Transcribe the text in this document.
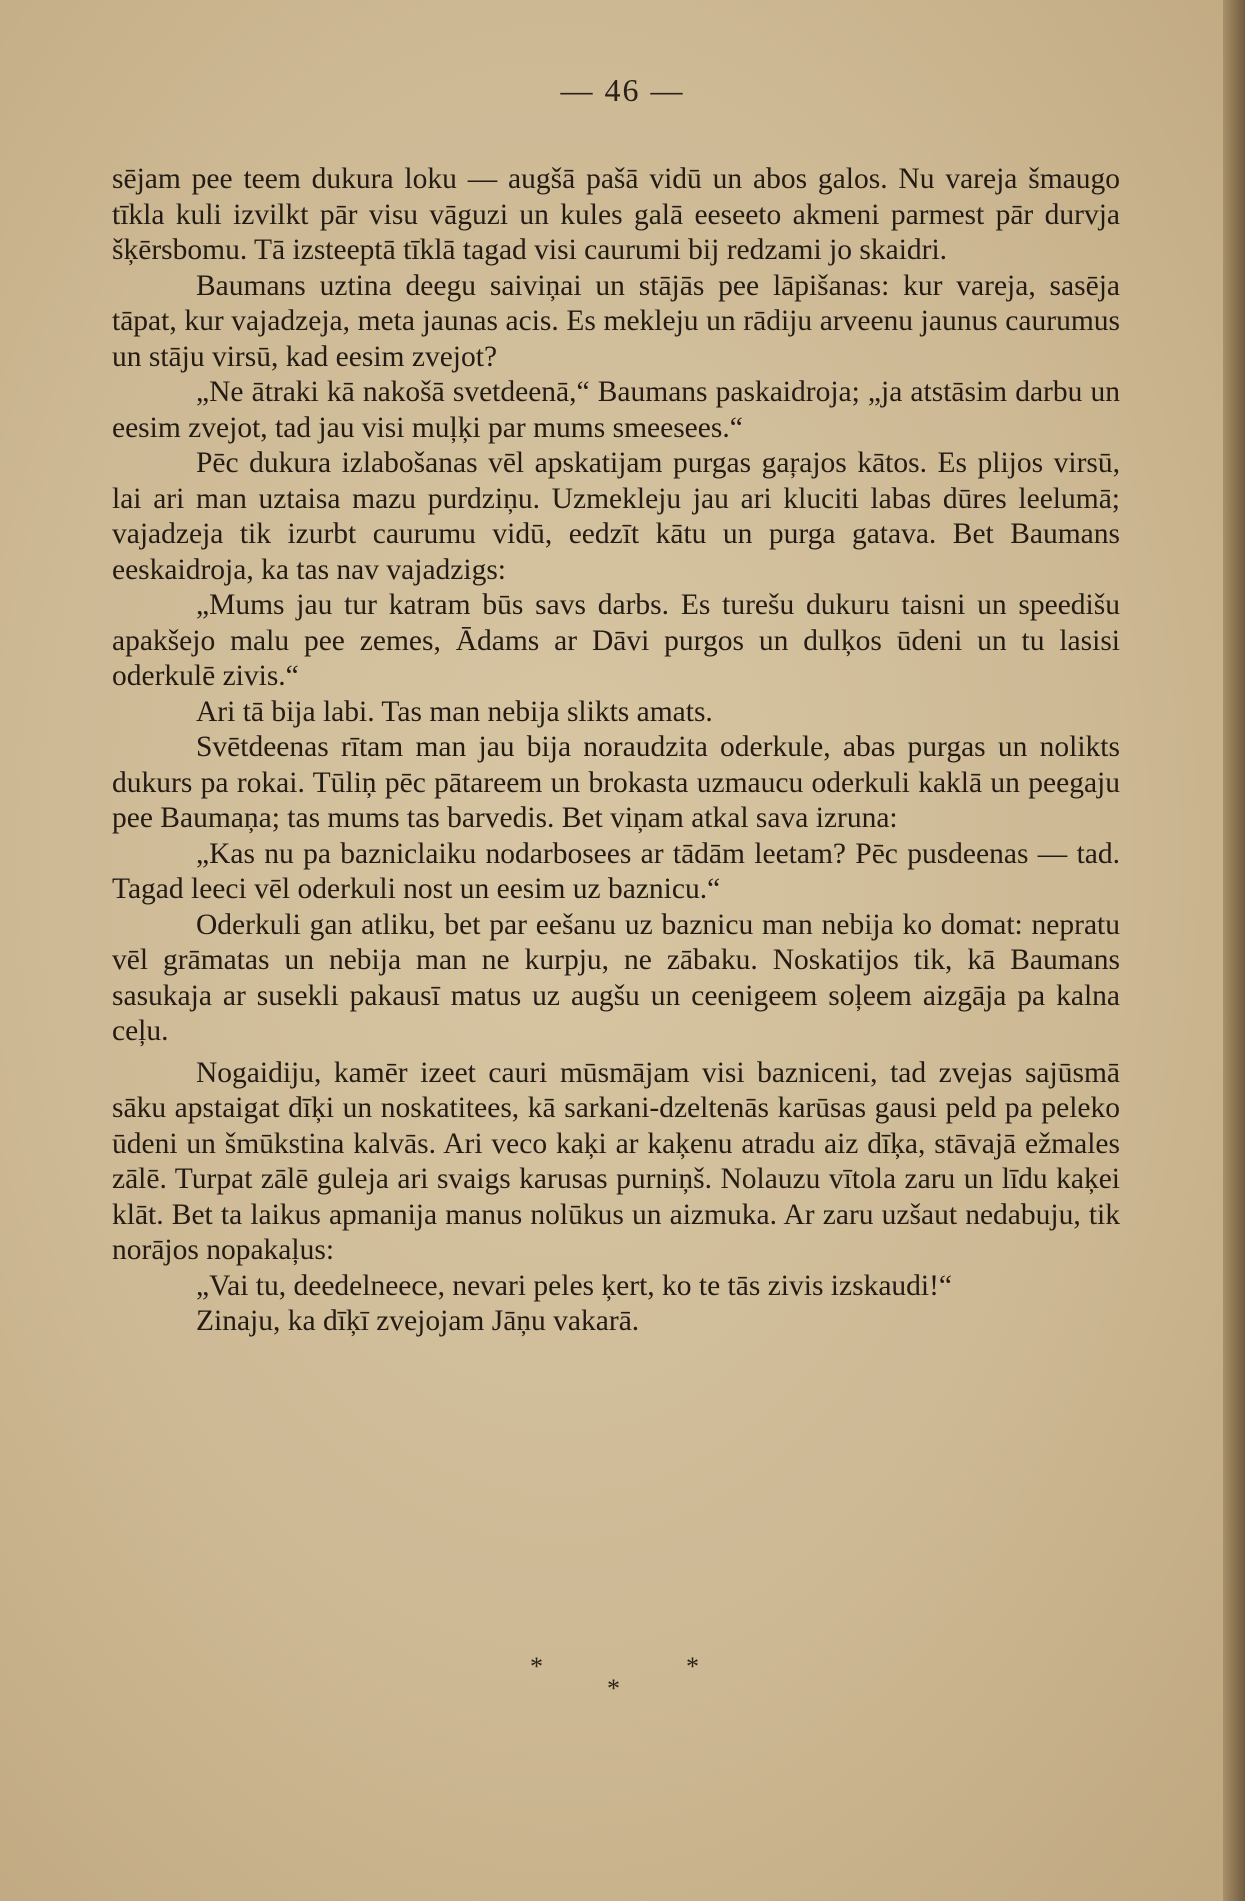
— 46 —

sējam pee teem dukura loku — augšā pašā vidū un abos galos. Nu vareja šmaugo tīkla kuli izvilkt pār visu vāguzi un kules galā eeseeto akmeni parmest pār durvja šķērsbomu. Tā izsteeptā tīklā tagad visi caurumi bij redzami jo skaidri.

Baumans uztina deegu saiviņai un stājās pee lāpišanas: kur vareja, sasēja tāpat, kur vajadzeja, meta jaunas acis. Es mekleju un rādiju arveenu jaunus caurumus un stāju virsū, kad eesim zvejot?

„Ne ātraki kā nakošā svetdeenā,“ Baumans paskaidroja; „ja atstāsim darbu un eesim zvejot, tad jau visi muļķi par mums smeesees.“

Pēc dukura izlabošanas vēl apskatijam purgas gaŗajos kātos. Es plijos virsū, lai ari man uztaisa mazu purdziņu. Uzmekleju jau ari kluciti labas dūres leelumā; vajadzeja tik izurbt caurumu vidū, eedzīt kātu un purga gatava. Bet Baumans eeskaidroja, ka tas nav vajadzigs:

„Mums jau tur katram būs savs darbs. Es turešu dukuru taisni un speedišu apakšejo malu pee zemes, Ādams ar Dāvi purgos un dulķos ūdeni un tu lasisi oderkulē zivis.“

Ari tā bija labi. Tas man nebija slikts amats.

Svētdeenas rītam man jau bija noraudzita oderkule, abas purgas un nolikts dukurs pa rokai. Tūliņ pēc pātareem un brokasta uzmaucu oderkuli kaklā un peegaju pee Baumaņa; tas mums tas barvedis. Bet viņam atkal sava izruna:

„Kas nu pa bazniclaiku nodarbosees ar tādām leetam? Pēc pusdeenas — tad. Tagad leeci vēl oderkuli nost un eesim uz baznicu.“

Oderkuli gan atliku, bet par eešanu uz baznicu man nebija ko domat: nepratu vēl grāmatas un nebija man ne kurpju, ne zābaku. Noskatijos tik, kā Baumans sasukaja ar susekli pakausī matus uz augšu un ceenigeem soļeem aizgāja pa kalna ceļu.

Nogaidiju, kamēr izeet cauri mūsmājam visi bazniceni, tad zvejas sajūsmā sāku apstaigat dīķi un noskatitees, kā sarkani-dzeltenās karūsas gausi peld pa peleko ūdeni un šmūkstina kalvās. Ari veco kaķi ar kaķenu atradu aiz dīķa, stāvajā ežmales zālē. Turpat zālē guleja ari svaigs karusas purniņš. Nolauzu vītola zaru un līdu kaķei klāt. Bet ta laikus apmanija manus nolūkus un aizmuka. Ar zaru uzšaut nedabuju, tik norājos nopakaļus:

„Vai tu, deedelneece, nevari peles ķert, ko te tās zivis izskaudi!“

Zinaju, ka dīķī zvejojam Jāņu vakarā.

*	*
*
